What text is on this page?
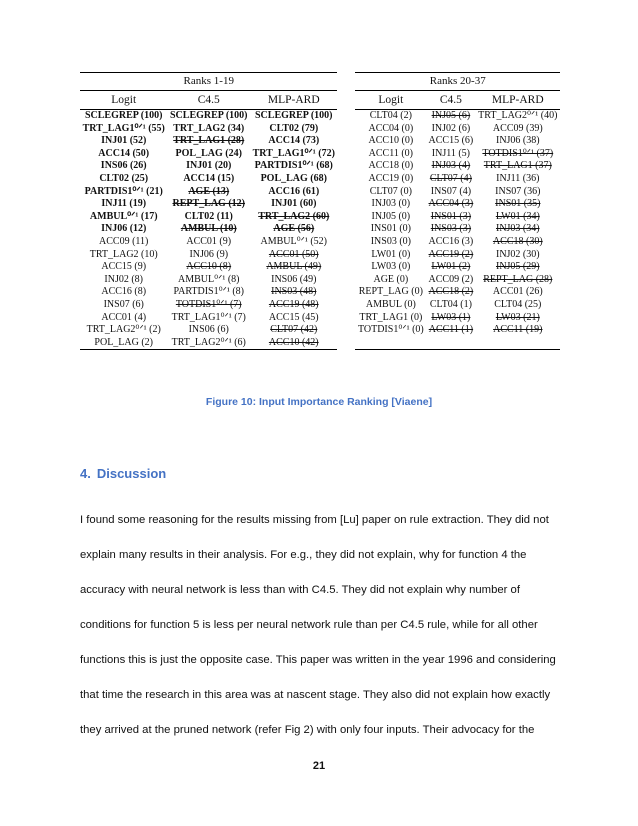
Ranks 1-19				Ranks 20-37		
Logit	C4.5	MLP-ARD		Logit	C4.5	MLP-ARD
SCLEGREP (100)	SCLEGREP (100)	SCLEGREP (100)		CLT04 (2)	INJ05 (6)	TRT_LAG2⁰ᐟ¹ (40)
TRT_LAG1⁰ᐟ¹ (55)	TRT_LAG2 (34)	CLT02 (79)		ACC04 (0)	INJ02 (6)	ACC09 (39)
INJ01 (52)	TRT_LAG1 (28)	ACC14 (73)		ACC10 (0)	ACC15 (6)	INJ06 (38)
ACC14 (50)	POL_LAG (24)	TRT_LAG1⁰ᐟ¹ (72)		ACC11 (0)	INJ11 (5)	TOTDIS1⁰ᐟ¹ (37)
INS06 (26)	INJ01 (20)	PARTDIS1⁰ᐟ¹ (68)		ACC18 (0)	INJ03 (4)	TRT_LAG1 (37)
CLT02 (25)	ACC14 (15)	POL_LAG (68)		ACC19 (0)	CLT07 (4)	INJ11 (36)
PARTDIS1⁰ᐟ¹ (21)	AGE (13)	ACC16 (61)		CLT07 (0)	INS07 (4)	INS07 (36)
INJ11 (19)	REPT_LAG (12)	INJ01 (60)		INJ03 (0)	ACC04 (3)	INS01 (35)
AMBUL⁰ᐟ¹ (17)	CLT02 (11)	TRT_LAG2 (60)		INJ05 (0)	INS01 (3)	LW01 (34)
INJ06 (12)	AMBUL (10)	AGE (56)		INS01 (0)	INS03 (3)	INJ03 (34)
ACC09 (11)	ACC01 (9)	AMBUL⁰ᐟ¹ (52)		INS03 (0)	ACC16 (3)	ACC18 (30)
TRT_LAG2 (10)	INJ06 (9)	ACC01 (50)		LW01 (0)	ACC19 (2)	INJ02 (30)
ACC15 (9)	ACC10 (8)	AMBUL (49)		LW03 (0)	LW01 (2)	INJ05 (29)
INJ02 (8)	AMBUL⁰ᐟ¹ (8)	INS06 (49)		AGE (0)	ACC09 (2)	REPT_LAG (28)
ACC16 (8)	PARTDIS1⁰ᐟ¹ (8)	INS03 (48)		REPT_LAG (0)	ACC18 (2)	ACC01 (26)
INS07 (6)	TOTDIS1⁰ᐟ¹ (7)	ACC19 (48)		AMBUL (0)	CLT04 (1)	CLT04 (25)
ACC01 (4)	TRT_LAG1⁰ᐟ¹ (7)	ACC15 (45)		TRT_LAG1 (0)	LW03 (1)	LW03 (21)
TRT_LAG2⁰ᐟ¹ (2)	INS06 (6)	CLT07 (42)		TOTDIS1⁰ᐟ¹ (0)	ACC11 (1)	ACC11 (19)
POL_LAG (2)	TRT_LAG2⁰ᐟ¹ (6)	ACC10 (42)				
Figure 10: Input Importance Ranking [Viaene]
4. Discussion

I found some reasoning for the results missing from [Lu] paper on rule extraction. They did not

explain many results in their analysis. For e.g., they did not explain, why for function 4 the

accuracy with neural network is less than with C4.5. They did not explain why number of

conditions for function 5 is less per neural network rule than per C4.5 rule, while for all other

functions this is just the opposite case. This paper was written in the year 1996 and considering

that time the research in this area was at nascent stage. They also did not explain how exactly

they arrived at the pruned network (refer Fig 2) with only four inputs. Their advocacy for the

21
